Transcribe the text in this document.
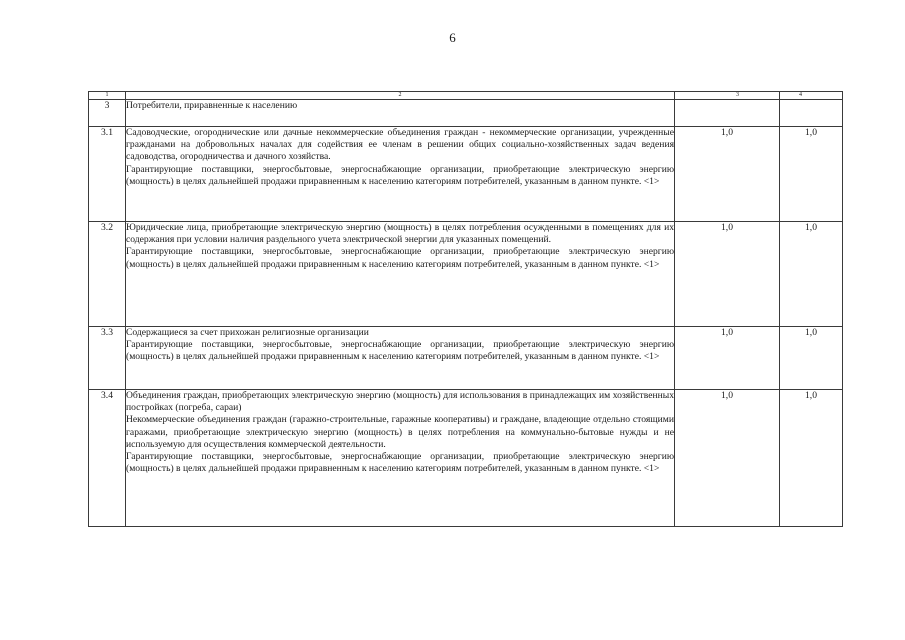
6
1	2	3	4
3	Потребители, приравненные к населению		

3.1	Садоводческие, огороднические или дачные некоммерческие объединения граждан - некоммерческие организации, учрежденные гражданами на добровольных началах для содействия ее членам в решении общих социально-хозяйственных задач ведения садоводства, огородничества и дачного хозяйства.
Гарантирующие поставщики, энергосбытовые, энергоснабжающие организации, приобретающие электрическую энергию (мощность) в целях дальнейшей продажи приравненным к населению категориям потребителей, указанным в данном пункте. <1>	1,0	1,0
3.2	Юридические лица, приобретающие электрическую энергию (мощность) в целях потребления осужденными в помещениях для их содержания при условии наличия раздельного учета электрической энергии для указанных помещений.
Гарантирующие поставщики, энергосбытовые, энергоснабжающие организации, приобретающие электрическую энергию (мощность) в целях дальнейшей продажи приравненным к населению категориям потребителей, указанным в данном пункте. <1>	1,0	1,0
3.3	Содержащиеся за счет прихожан религиозные организации
Гарантирующие поставщики, энергосбытовые, энергоснабжающие организации, приобретающие электрическую энергию (мощность) в целях дальнейшей продажи приравненным к населению категориям потребителей, указанным в данном пункте. <1>	1,0	1,0
3.4	Объединения граждан, приобретающих электрическую энергию (мощность) для использования в принадлежащих им хозяйственных постройках (погреба, сараи)
Некоммерческие объединения граждан (гаражно-строительные, гаражные кооперативы) и граждане, владеющие отдельно стоящими гаражами, приобретающие электрическую энергию (мощность) в целях потребления на коммунально-бытовые нужды и не используемую для осуществления коммерческой деятельности.
Гарантирующие поставщики, энергосбытовые, энергоснабжающие организации, приобретающие электрическую энергию (мощность) в целях дальнейшей продажи приравненным к населению категориям потребителей, указанным в данном пункте. <1>	1,0	1,0
